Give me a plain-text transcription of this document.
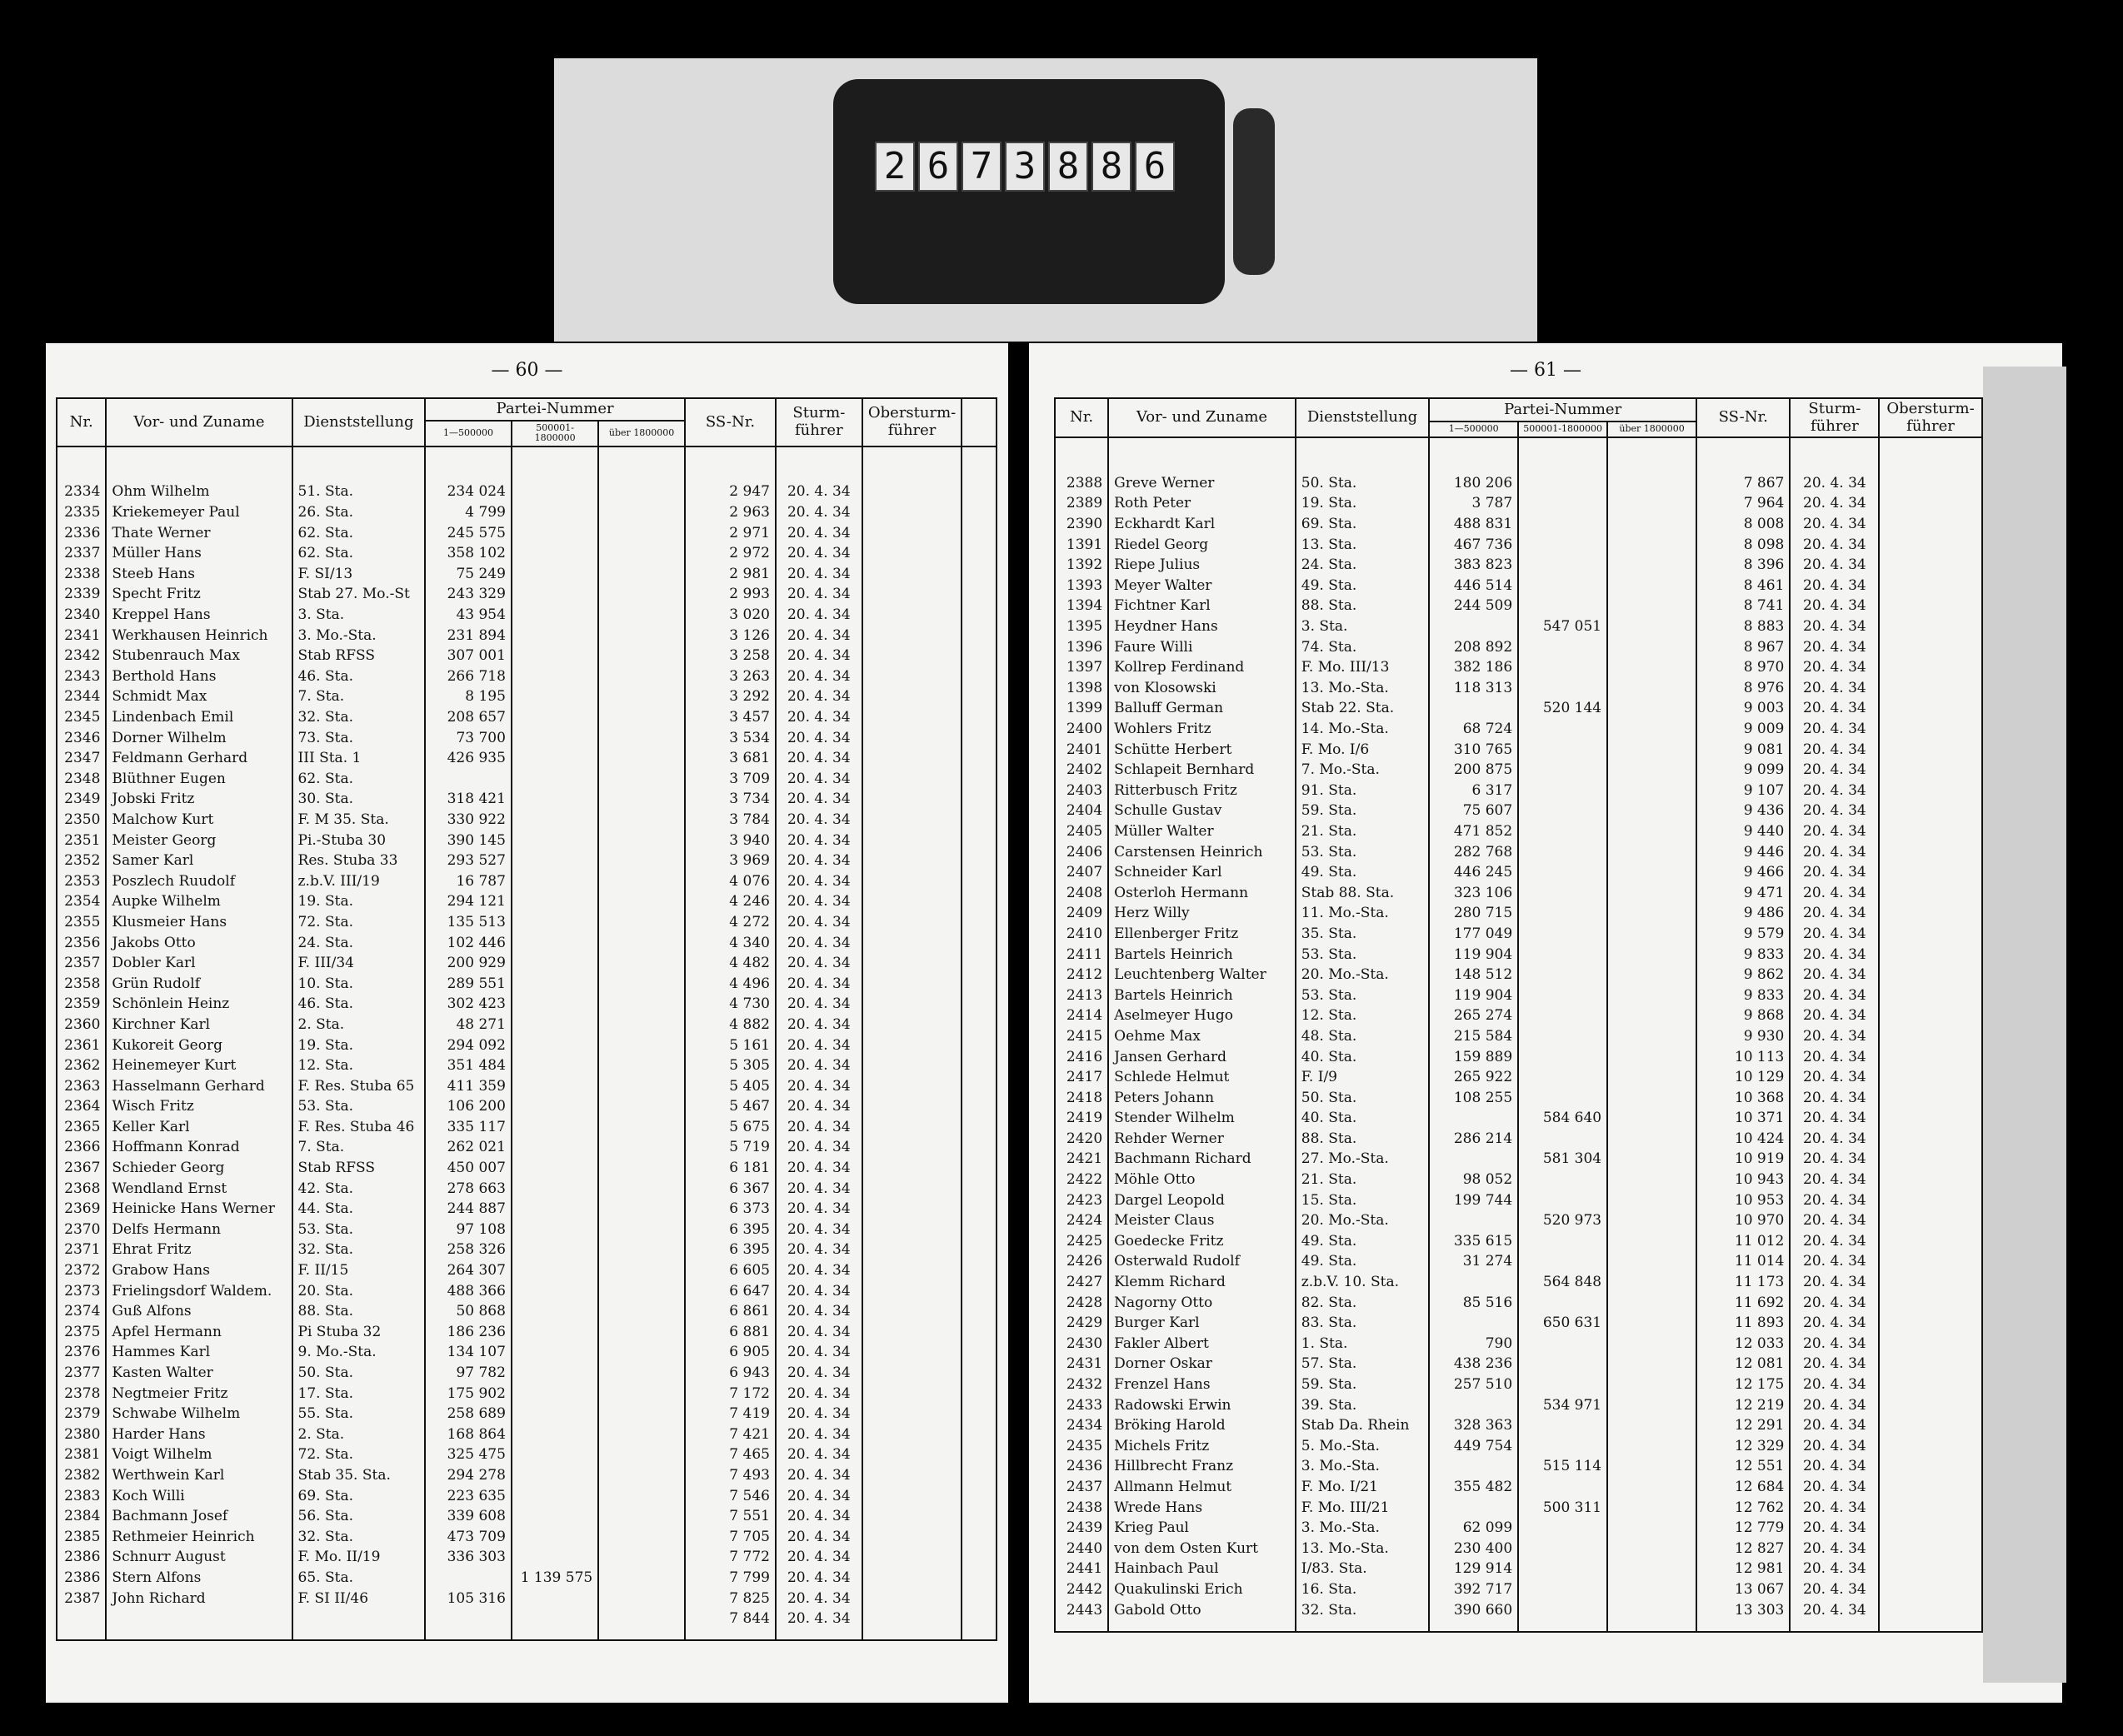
2 6 7 3 8 8 6
— 60 —
Nr.	Vor- und Zuname	Dienststellung	Partei-Nummer			SS-Nr.	Sturm-führer	Obersturm-führer	
			1—500000	500001-1800000	über 1800000				

2334	Ohm Wilhelm	51. Sta.	234 024			2 947	20. 4. 34		
2335	Kriekemeyer Paul	26. Sta.	4 799			2 963	20. 4. 34		
2336	Thate Werner	62. Sta.	245 575			2 971	20. 4. 34		
2337	Müller Hans	62. Sta.	358 102			2 972	20. 4. 34		
2338	Steeb Hans	F. SI/13	75 249			2 981	20. 4. 34		
2339	Specht Fritz	Stab 27. Mo.-St	243 329			2 993	20. 4. 34		
2340	Kreppel Hans	3. Sta.	43 954			3 020	20. 4. 34		
2341	Werkhausen Heinrich	3. Mo.-Sta.	231 894			3 126	20. 4. 34		
2342	Stubenrauch Max	Stab RFSS	307 001			3 258	20. 4. 34		
2343	Berthold Hans	46. Sta.	266 718			3 263	20. 4. 34		
2344	Schmidt Max	7. Sta.	8 195			3 292	20. 4. 34		
2345	Lindenbach Emil	32. Sta.	208 657			3 457	20. 4. 34		
2346	Dorner Wilhelm	73. Sta.	73 700			3 534	20. 4. 34		
2347	Feldmann Gerhard	III Sta. 1	426 935			3 681	20. 4. 34		
2348	Blüthner Eugen	62. Sta.				3 709	20. 4. 34		
2349	Jobski Fritz	30. Sta.	318 421			3 734	20. 4. 34		
2350	Malchow Kurt	F. M 35. Sta.	330 922			3 784	20. 4. 34		
2351	Meister Georg	Pi.-Stuba 30	390 145			3 940	20. 4. 34		
2352	Samer Karl	Res. Stuba 33	293 527			3 969	20. 4. 34		
2353	Poszlech Ruudolf	z.b.V. III/19	16 787			4 076	20. 4. 34		
2354	Aupke Wilhelm	19. Sta.	294 121			4 246	20. 4. 34		
2355	Klusmeier Hans	72. Sta.	135 513			4 272	20. 4. 34		
2356	Jakobs Otto	24. Sta.	102 446			4 340	20. 4. 34		
2357	Dobler Karl	F. III/34	200 929			4 482	20. 4. 34		
2358	Grün Rudolf	10. Sta.	289 551			4 496	20. 4. 34		
2359	Schönlein Heinz	46. Sta.	302 423			4 730	20. 4. 34		
2360	Kirchner Karl	2. Sta.	48 271			4 882	20. 4. 34		
2361	Kukoreit Georg	19. Sta.	294 092			5 161	20. 4. 34		
2362	Heinemeyer Kurt	12. Sta.	351 484			5 305	20. 4. 34		
2363	Hasselmann Gerhard	F. Res. Stuba 65	411 359			5 405	20. 4. 34		
2364	Wisch Fritz	53. Sta.	106 200			5 467	20. 4. 34		
2365	Keller Karl	F. Res. Stuba 46	335 117			5 675	20. 4. 34		
2366	Hoffmann Konrad	7. Sta.	262 021			5 719	20. 4. 34		
2367	Schieder Georg	Stab RFSS	450 007			6 181	20. 4. 34		
2368	Wendland Ernst	42. Sta.	278 663			6 367	20. 4. 34		
2369	Heinicke Hans Werner	44. Sta.	244 887			6 373	20. 4. 34		
2370	Delfs Hermann	53. Sta.	97 108			6 395	20. 4. 34		
2371	Ehrat Fritz	32. Sta.	258 326			6 395	20. 4. 34		
2372	Grabow Hans	F. II/15	264 307			6 605	20. 4. 34		
2373	Frielingsdorf Waldem.	20. Sta.	488 366			6 647	20. 4. 34		
2374	Guß Alfons	88. Sta.	50 868			6 861	20. 4. 34		
2375	Apfel Hermann	Pi Stuba 32	186 236			6 881	20. 4. 34		
2376	Hammes Karl	9. Mo.-Sta.	134 107			6 905	20. 4. 34		
2377	Kasten Walter	50. Sta.	97 782			6 943	20. 4. 34		
2378	Negtmeier Fritz	17. Sta.	175 902			7 172	20. 4. 34		
2379	Schwabe Wilhelm	55. Sta.	258 689			7 419	20. 4. 34		
2380	Harder Hans	2. Sta.	168 864			7 421	20. 4. 34		
2381	Voigt Wilhelm	72. Sta.	325 475			7 465	20. 4. 34		
2382	Werthwein Karl	Stab 35. Sta.	294 278			7 493	20. 4. 34		
2383	Koch Willi	69. Sta.	223 635			7 546	20. 4. 34		
2384	Bachmann Josef	56. Sta.	339 608			7 551	20. 4. 34		
2385	Rethmeier Heinrich	32. Sta.	473 709			7 705	20. 4. 34		
2386	Schnurr August	F. Mo. II/19	336 303			7 772	20. 4. 34		
2386	Stern Alfons	65. Sta.		1 139 575		7 799	20. 4. 34		
2387	John Richard	F. SI II/46	105 316			7 825	20. 4. 34		
						7 844	20. 4. 34		

— 61 —
Nr.	Vor- und Zuname	Dienststellung	Partei-Nummer			SS-Nr.	Sturm-führer	Obersturm-führer	
			1—500000	500001-1800000	über 1800000				

2388	Greve Werner	50. Sta.	180 206			7 867	20. 4. 34		
2389	Roth Peter	19. Sta.	3 787			7 964	20. 4. 34		
2390	Eckhardt Karl	69. Sta.	488 831			8 008	20. 4. 34		
1391	Riedel Georg	13. Sta.	467 736			8 098	20. 4. 34		
1392	Riepe Julius	24. Sta.	383 823			8 396	20. 4. 34		
1393	Meyer Walter	49. Sta.	446 514			8 461	20. 4. 34		
1394	Fichtner Karl	88. Sta.	244 509			8 741	20. 4. 34		
1395	Heydner Hans	3. Sta.		547 051		8 883	20. 4. 34		
1396	Faure Willi	74. Sta.	208 892			8 967	20. 4. 34		
1397	Kollrep Ferdinand	F. Mo. III/13	382 186			8 970	20. 4. 34		
1398	von Klosowski	13. Mo.-Sta.	118 313			8 976	20. 4. 34		
1399	Balluff German	Stab 22. Sta.		520 144		9 003	20. 4. 34		
2400	Wohlers Fritz	14. Mo.-Sta.	68 724			9 009	20. 4. 34		
2401	Schütte Herbert	F. Mo. I/6	310 765			9 081	20. 4. 34		
2402	Schlapeit Bernhard	7. Mo.-Sta.	200 875			9 099	20. 4. 34		
2403	Ritterbusch Fritz	91. Sta.	6 317			9 107	20. 4. 34		
2404	Schulle Gustav	59. Sta.	75 607			9 436	20. 4. 34		
2405	Müller Walter	21. Sta.	471 852			9 440	20. 4. 34		
2406	Carstensen Heinrich	53. Sta.	282 768			9 446	20. 4. 34		
2407	Schneider Karl	49. Sta.	446 245			9 466	20. 4. 34		
2408	Osterloh Hermann	Stab 88. Sta.	323 106			9 471	20. 4. 34		
2409	Herz Willy	11. Mo.-Sta.	280 715			9 486	20. 4. 34		
2410	Ellenberger Fritz	35. Sta.	177 049			9 579	20. 4. 34		
2411	Bartels Heinrich	53. Sta.	119 904			9 833	20. 4. 34		
2412	Leuchtenberg Walter	20. Mo.-Sta.	148 512			9 862	20. 4. 34		
2413	Bartels Heinrich	53. Sta.	119 904			9 833	20. 4. 34		
2414	Aselmeyer Hugo	12. Sta.	265 274			9 868	20. 4. 34		
2415	Oehme Max	48. Sta.	215 584			9 930	20. 4. 34		
2416	Jansen Gerhard	40. Sta.	159 889			10 113	20. 4. 34		
2417	Schlede Helmut	F. I/9	265 922			10 129	20. 4. 34		
2418	Peters Johann	50. Sta.	108 255			10 368	20. 4. 34		
2419	Stender Wilhelm	40. Sta.		584 640		10 371	20. 4. 34		
2420	Rehder Werner	88. Sta.	286 214			10 424	20. 4. 34		
2421	Bachmann Richard	27. Mo.-Sta.		581 304		10 919	20. 4. 34		
2422	Möhle Otto	21. Sta.	98 052			10 943	20. 4. 34		
2423	Dargel Leopold	15. Sta.	199 744			10 953	20. 4. 34		
2424	Meister Claus	20. Mo.-Sta.		520 973		10 970	20. 4. 34		
2425	Goedecke Fritz	49. Sta.	335 615			11 012	20. 4. 34		
2426	Osterwald Rudolf	49. Sta.	31 274			11 014	20. 4. 34		
2427	Klemm Richard	z.b.V. 10. Sta.		564 848		11 173	20. 4. 34		
2428	Nagorny Otto	82. Sta.	85 516			11 692	20. 4. 34		
2429	Burger Karl	83. Sta.		650 631		11 893	20. 4. 34		
2430	Fakler Albert	1. Sta.	790			12 033	20. 4. 34		
2431	Dorner Oskar	57. Sta.	438 236			12 081	20. 4. 34		
2432	Frenzel Hans	59. Sta.	257 510			12 175	20. 4. 34		
2433	Radowski Erwin	39. Sta.		534 971		12 219	20. 4. 34		
2434	Bröking Harold	Stab Da. Rhein	328 363			12 291	20. 4. 34		
2435	Michels Fritz	5. Mo.-Sta.	449 754			12 329	20. 4. 34		
2436	Hillbrecht Franz	3. Mo.-Sta.		515 114		12 551	20. 4. 34		
2437	Allmann Helmut	F. Mo. I/21	355 482			12 684	20. 4. 34		
2438	Wrede Hans	F. Mo. III/21		500 311		12 762	20. 4. 34		
2439	Krieg Paul	3. Mo.-Sta.	62 099			12 779	20. 4. 34		
2440	von dem Osten Kurt	13. Mo.-Sta.	230 400			12 827	20. 4. 34		
2441	Hainbach Paul	I/83. Sta.	129 914			12 981	20. 4. 34		
2442	Quakulinski Erich	16. Sta.	392 717			13 067	20. 4. 34		
2443	Gabold Otto	32. Sta.	390 660			13 303	20. 4. 34		
